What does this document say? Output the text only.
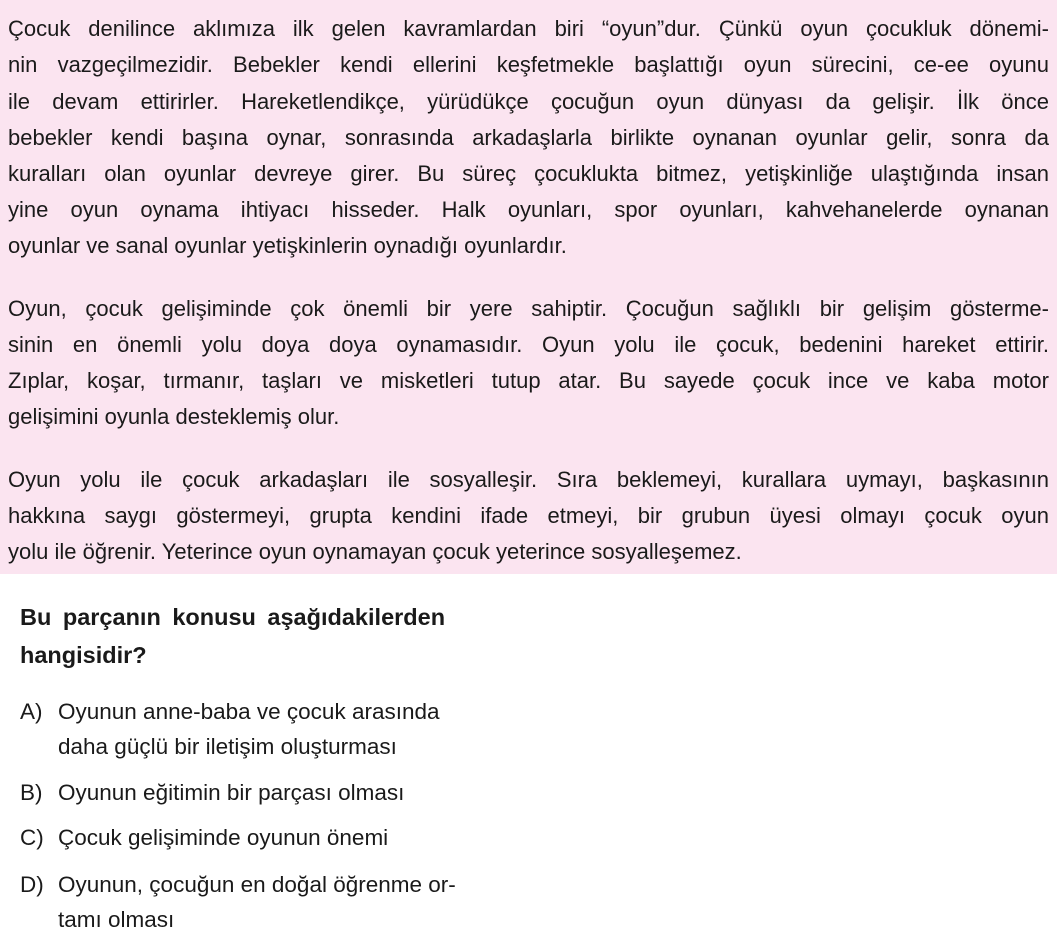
Çocuk denilince aklımıza ilk gelen kavramlardan biri “oyun”dur. Çünkü oyun çocukluk dönemi-
nin vazgeçilmezidir. Bebekler kendi ellerini keşfetmekle başlattığı oyun sürecini, ce-ee oyunu
ile devam ettirirler. Hareketlendikçe, yürüdükçe çocuğun oyun dünyası da gelişir. İlk önce
bebekler kendi başına oynar, sonrasında arkadaşlarla birlikte oynanan oyunlar gelir, sonra da
kuralları olan oyunlar devreye girer. Bu süreç çocuklukta bitmez, yetişkinliğe ulaştığında insan
yine oyun oynama ihtiyacı hisseder. Halk oyunları, spor oyunları, kahvehanelerde oynanan
oyunlar ve sanal oyunlar yetişkinlerin oynadığı oyunlardır.
Oyun, çocuk gelişiminde çok önemli bir yere sahiptir. Çocuğun sağlıklı bir gelişim gösterme-
sinin en önemli yolu doya doya oynamasıdır. Oyun yolu ile çocuk, bedenini hareket ettirir.
Zıplar, koşar, tırmanır, taşları ve misketleri tutup atar. Bu sayede çocuk ince ve kaba motor
gelişimini oyunla desteklemiş olur.
Oyun yolu ile çocuk arkadaşları ile sosyalleşir. Sıra beklemeyi, kurallara uymayı, başkasının
hakkına saygı göstermeyi, grupta kendini ifade etmeyi, bir grubun üyesi olmayı çocuk oyun
yolu ile öğrenir. Yeterince oyun oynamayan çocuk yeterince sosyalleşemez.
Bu parçanın konusu aşağıdakilerden
hangisidir?
A) Oyunun anne-baba ve çocuk arasında
daha güçlü bir iletişim oluşturması
B) Oyunun eğitimin bir parçası olması
C) Çocuk gelişiminde oyunun önemi
D) Oyunun, çocuğun en doğal öğrenme or-
tamı olması
